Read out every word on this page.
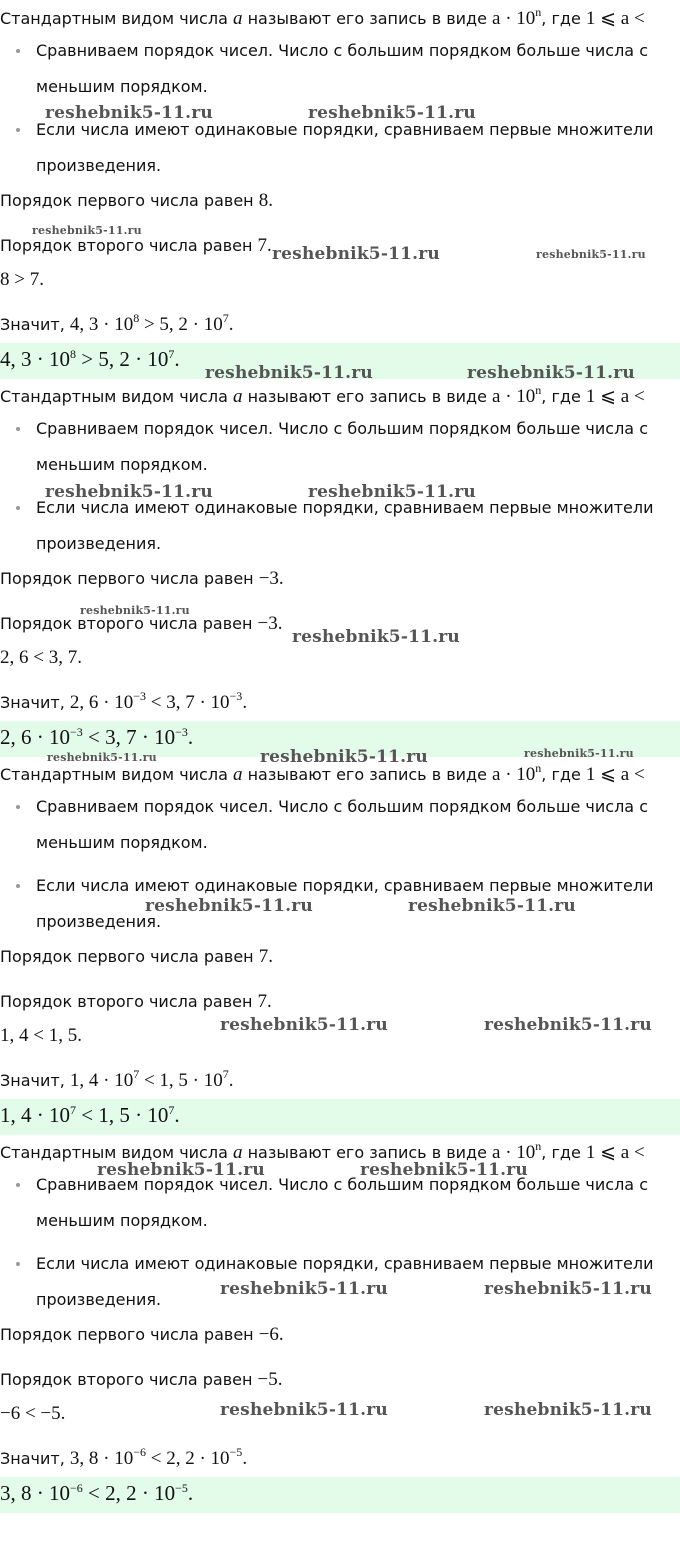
Стандартным видом числа a называют его запись в виде $a \cdot 10^n$, где 1 ⩽ a <
Сравниваем порядок чисел. Число с большим порядком больше числа с
меньшим порядком.
Если числа имеют одинаковые порядки, сравниваем первые множители
произведения.
Порядок первого числа равен 8.
Порядок второго числа равен 7.
8 > 7.
Значит, 4, $3 \cdot 10^8 > 5$, $2 \cdot 10^7$.
4, $3 \cdot 10^8 > 5$, $2 \cdot 10^7$.
Стандартным видом числа a называют его запись в виде $a \cdot 10^n$, где 1 ⩽ a <
Сравниваем порядок чисел. Число с большим порядком больше числа с
меньшим порядком.
Если числа имеют одинаковые порядки, сравниваем первые множители
произведения.
Порядок первого числа равен −3.
Порядок второго числа равен −3.
2, 6 < 3, 7.
Значит, 2, $6 \cdot 10^{-3} < 3$, $7 \cdot 10^{-3}$.
2, $6 \cdot 10^{-3} < 3$, $7 \cdot 10^{-3}$.
Стандартным видом числа a называют его запись в виде $a \cdot 10^n$, где 1 ⩽ a <
Сравниваем порядок чисел. Число с большим порядком больше числа с
меньшим порядком.
Если числа имеют одинаковые порядки, сравниваем первые множители
произведения.
Порядок первого числа равен 7.
Порядок второго числа равен 7.
1, 4 < 1, 5.
Значит, 1, $4 \cdot 10^7 < 1$, $5 \cdot 10^7$.
1, $4 \cdot 10^7 < 1$, $5 \cdot 10^7$.
Стандартным видом числа a называют его запись в виде $a \cdot 10^n$, где 1 ⩽ a <
Сравниваем порядок чисел. Число с большим порядком больше числа с
меньшим порядком.
Если числа имеют одинаковые порядки, сравниваем первые множители
произведения.
Порядок первого числа равен −6.
Порядок второго числа равен −5.
−6 < −5.
Значит, 3, $8 \cdot 10^{-6} < 2$, $2 \cdot 10^{-5}$.
3, $8 \cdot 10^{-6} < 2$, $2 \cdot 10^{-5}$.
reshebnik5-11.ru	reshebnik5-11.ru
reshebnik5-11.ru
reshebnik5-11.ru	reshebnik5-11.ru
reshebnik5-11.ru	reshebnik5-11.ru
reshebnik5-11.ru	reshebnik5-11.ru
reshebnik5-11.ru
reshebnik5-11.ru
reshebnik5-11.ru	reshebnik5-11.ru	reshebnik5-11.ru
reshebnik5-11.ru	reshebnik5-11.ru
reshebnik5-11.ru	reshebnik5-11.ru
reshebnik5-11.ru	reshebnik5-11.ru
reshebnik5-11.ru	reshebnik5-11.ru
reshebnik5-11.ru	reshebnik5-11.ru
